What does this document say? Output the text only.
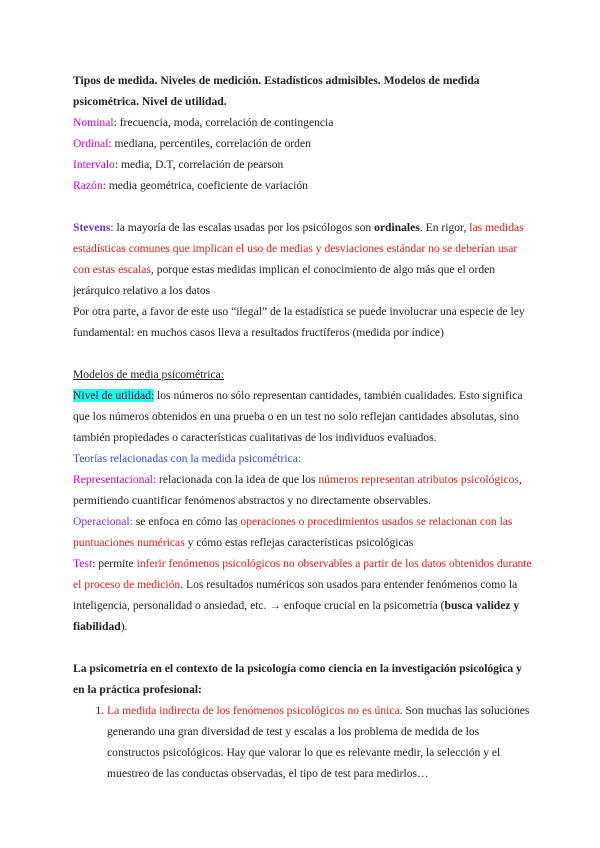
Tipos de medida. Niveles de medición. Estadísticos admisibles. Modelos de medida psicométrica. Nivel de utilidad.

Nominal: frecuencia, moda, correlación de contingencia

Ordinal: mediana, percentiles, correlación de orden

Intervalo: media, D.T, correlación de pearson

Razón: media geométrica, coeficiente de variación

Stevens: la mayoría de las escalas usadas por los psicólogos son ordinales. En rigor, las medidas estadísticas comunes que implican el uso de medias y desviaciones estándar no se deberían usar con estas escalas, porque estas medidas implican el conocimiento de algo más que el orden jerárquico relativo a los datos

Por otra parte, a favor de este uso “ilegal” de la estadística se puede involucrar una especie de ley fundamental: en muchos casos lleva a resultados fructíferos (medida por índice)

Modelos de media psicométrica:

Nivel de utilidad: los números no sólo representan cantidades, también cualidades. Esto significa que los números obtenidos en una prueba o en un test no solo reflejan cantidades absolutas, sino también propiedades o características cualitativas de los individuos evaluados.

Teorías relacionadas con la medida psicométrica:

Representacional: relacionada con la idea de que los números representan atributos psicológicos, permitiendo cuantificar fenómenos abstractos y no directamente observables.

Operacional: se enfoca en cómo las operaciones o procedimientos usados se relacionan con las puntuaciones numéricas y cómo estas reflejas características psicológicas

Test: permite inferir fenómenos psicológicos no observables a partir de los datos obtenidos durante el proceso de medición. Los resultados numéricos son usados para entender fenómenos como la inteligencia, personalidad o ansiedad, etc. → enfoque crucial en la psicometría (busca validez y fiabilidad).

La psicometría en el contexto de la psicología como ciencia en la investigación psicológica y en la práctica profesional:

1. La medida indirecta de los fenómenos psicológicos no es única. Son muchas las soluciones generando una gran diversidad de test y escalas a los problema de medida de los constructos psicológicos. Hay que valorar lo que es relevante medir, la selección y el muestreo de las conductas observadas, el tipo de test para medirlos…
